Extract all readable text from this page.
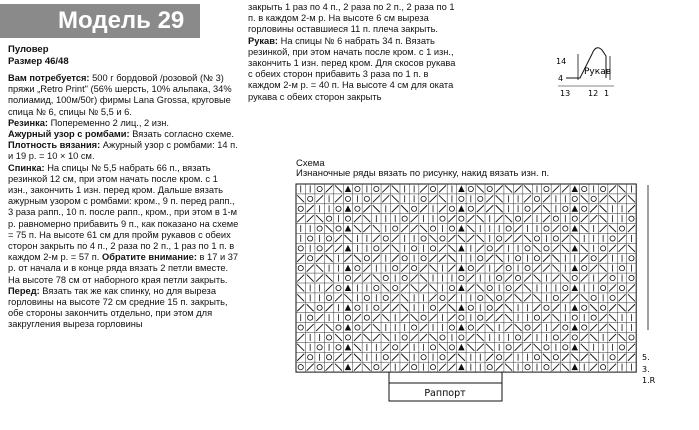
Модель 29
Пуловер
Размер 46/48

Вам потребуется: 500 г бордовой /розовой (№ 3) пряжи „Retro Print" (56% шерсть, 10% альпака, 34% полиамид, 100м/50г) фирмы Lana Grossa, круговые спица № 6, спицы № 5,5 и 6.

Резинка: Попеременно 2 лиц., 2 изн.

Ажурный узор с ромбами: Вязать согласно схеме.

Плотность вязания: Ажурный узор с ромбами: 14 п. и 19 р. = 10 × 10 см.

Спинка: На спицы № 5,5 набрать 66 п., вязать резинкой 12 см, при этом начать после кром. с 1 изн., закончить 1 изн. перед кром. Дальше вязать ажурным узором с ромбами: кром., 9 п. перед рапп., 3 раза рапп., 10 п. после рапп., кром., при этом в 1-м р. равномерно прибавить 9 п., как показано на схеме = 75 п. На высоте 61 см для пройм рукавов с обеих сторон закрыть по 4 п., 2 раза по 2 п., 1 раз по 1 п. в каждом 2-м р. = 57 п. Обратите внимание: в 17 и 37 р. от начала и в конце ряда вязать 2 петли вместе. На высоте 78 см от наборного края петли закрыть.

Перед: Вязать так же как спинку, но для выреза горловины на высоте 72 см средние 15 п. закрыть, обе стороны закончить отдельно, при этом для закругления выреза горловины

закрыть 1 раз по 4 п., 2 раза по 2 п., 2 раза по 1 п. в каждом 2-м р. На высоте 6 см выреза горловины оставшиеся 11 п. плеча закрыть.

Рукав: На спицы № 6 набрать 34 п. Вязать резинкой, при этом начать после кром. с 1 изн., закончить 1 изн. перед кром. Для скосов рукава с обеих сторон прибавить 3 раза по 1 п. в каждом 2-м р. = 40 п. На высоте 4 см для оката рукава с обеих сторон закрыть

Рукав
14
4
13 12 1
Схема
Изнаночные ряды вязать по рисунку, накид вязать изн. п.
Раппорт
5.
3.
1.R
